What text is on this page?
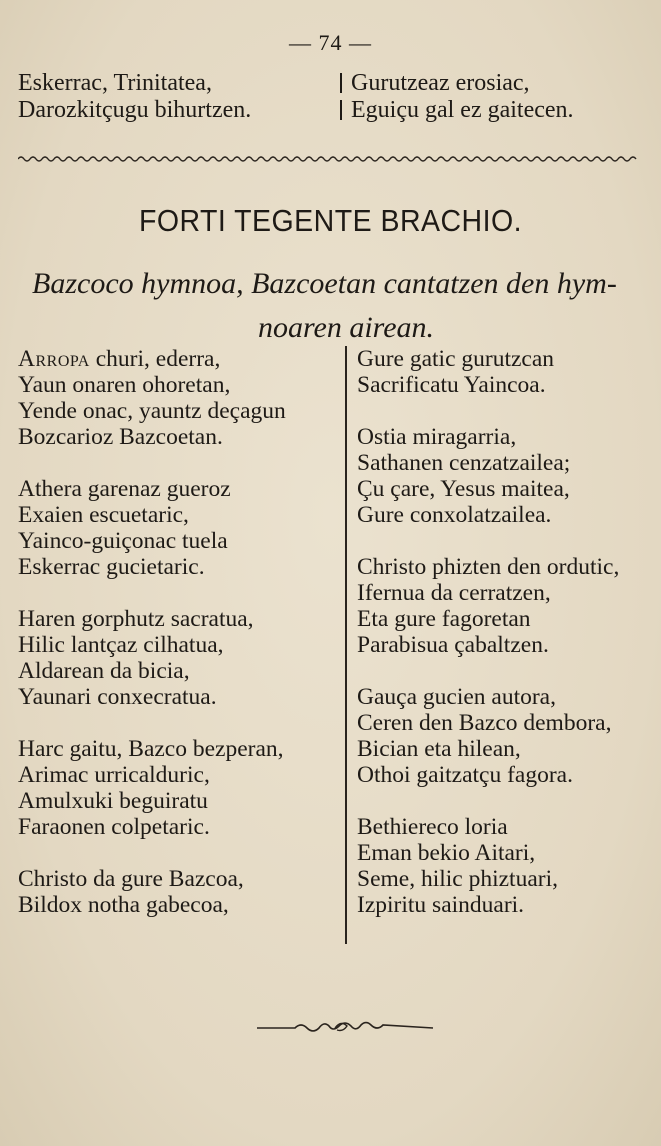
— 74 —
Eskerrac, Trinitatea,
Darozkitçugu bihurtzen.
Gurutzeaz erosiac,
Eguiçu gal ez gaitecen.
FORTI TEGENTE BRACHIO.
Bazcoco hymnoa, Bazcoetan cantatzen den hym-
noaren airean.
Arropa churi, ederra,
Yaun onaren ohoretan,
Yende onac, yauntz deçagun
Bozcarioz Bazcoetan.
Athera garenaz gueroz
Exaien escuetaric,
Yainco-guiçonac tuela
Eskerrac gucietaric.
Haren gorphutz sacratua,
Hilic lantçaz cilhatua,
Aldarean da bicia,
Yaunari conxecratua.
Harc gaitu, Bazco bezperan,
Arimac urricalduric,
Amulxuki beguiratu
Faraonen colpetaric.
Christo da gure Bazcoa,
Bildox notha gabecoa,
Gure gatic gurutzcan
Sacrificatu Yaincoa.
Ostia miragarria,
Sathanen cenzatzailea;
Çu çare, Yesus maitea,
Gure conxolatzailea.
Christo phizten den ordutic,
Ifernua da cerratzen,
Eta gure fagoretan
Parabisua çabaltzen.
Gauça gucien autora,
Ceren den Bazco dembora,
Bician eta hilean,
Othoi gaitzatçu fagora.
Bethiereco loria
Eman bekio Aitari,
Seme, hilic phiztuari,
Izpiritu sainduari.
